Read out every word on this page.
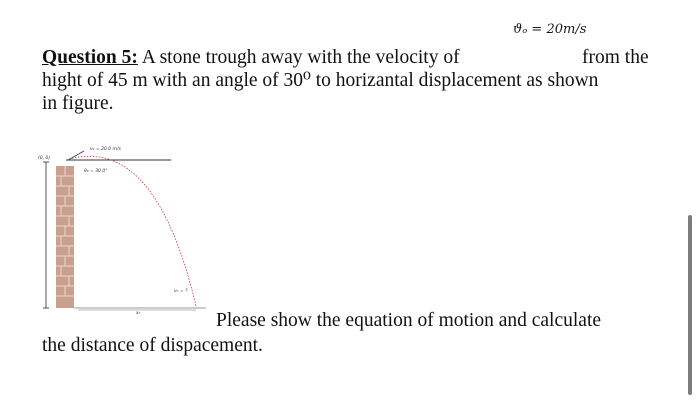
ϑₒ = 20m/s
Question 5: A stone trough away with the velocity of	from the
hight of 45 m with an angle of 30⁰ to horizantal displacement as shown
in figure.
(0, 0)
v₀ = 20.0 m/s
θ₀ = 30.0°
vₕ = ?
xₕ	Please show the equation of motion and calculate
the distance of dispacement.
